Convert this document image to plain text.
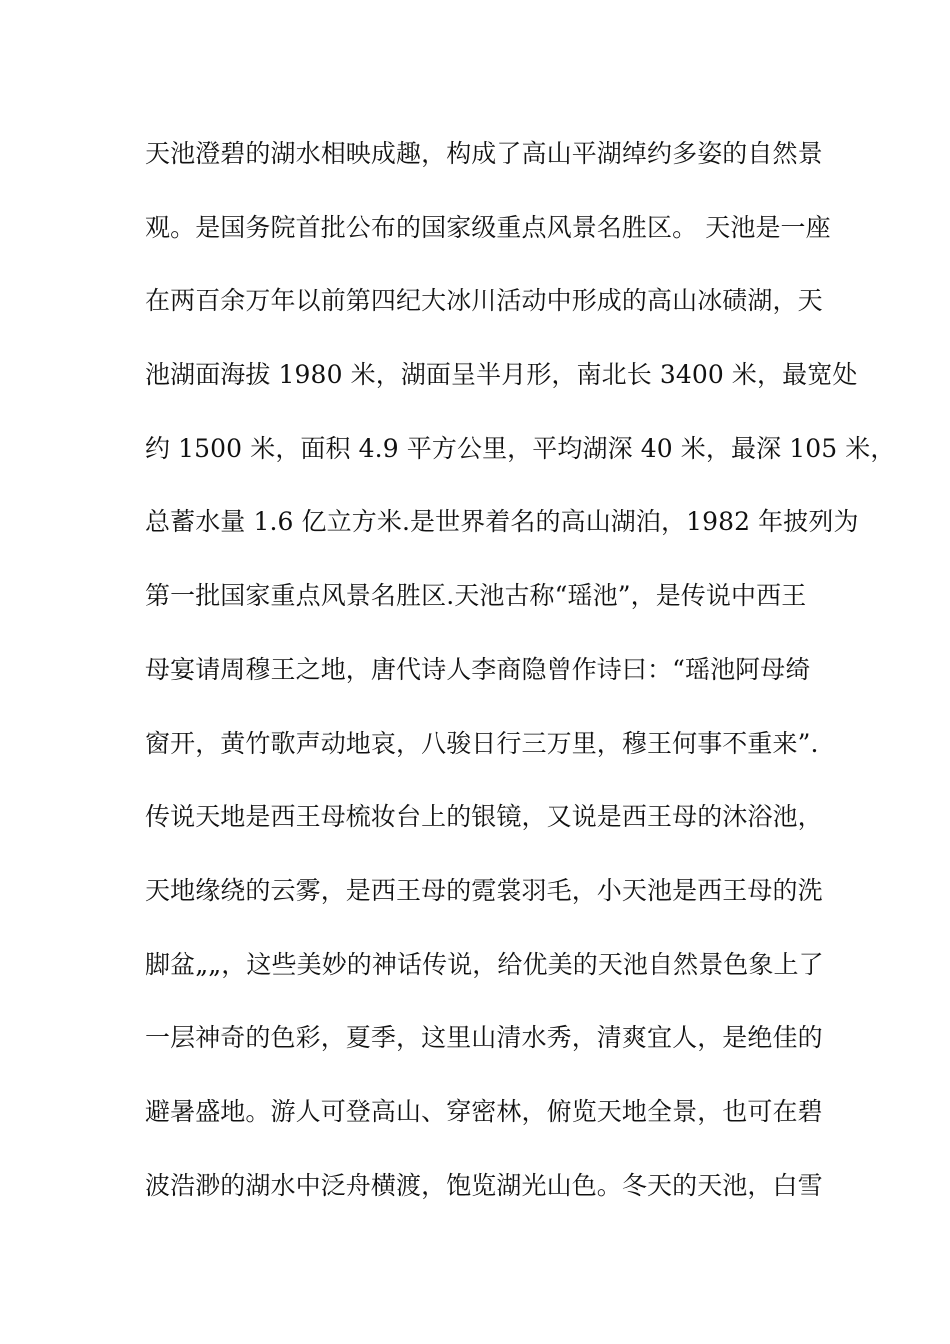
天池澄碧的湖水相映成趣，构成了高山平湖绰约多姿的自然景
观。是国务院首批公布的国家级重点风景名胜区。 天池是一座
在两百余万年以前第四纪大冰川活动中形成的高山冰碛湖，天
池湖面海拔 1980 米，湖面呈半月形，南北长 3400 米，最宽处
约 1500 米，面积 4.9 平方公里，平均湖深 40 米，最深 105 米，
总蓄水量 1.6 亿立方米.是世界着名的高山湖泊，1982 年披列为
第一批国家重点风景名胜区.天池古称“瑶池”，是传说中西王
母宴请周穆王之地，唐代诗人李商隐曾作诗曰：“瑶池阿母绮
窗开，黄竹歌声动地哀，八骏日行三万里，穆王何事不重来”.
传说天地是西王母梳妆台上的银镜，又说是西王母的沐浴池，
天地缘绕的云雾，是西王母的霓裳羽毛，小天池是西王母的洗
脚盆„„，这些美妙的神话传说，给优美的天池自然景色象上了
一层神奇的色彩，夏季，这里山清水秀，清爽宜人，是绝佳的
避暑盛地。游人可登高山、穿密林，俯览天地全景，也可在碧
波浩渺的湖水中泛舟横渡，饱览湖光山色。冬天的天池，白雪
